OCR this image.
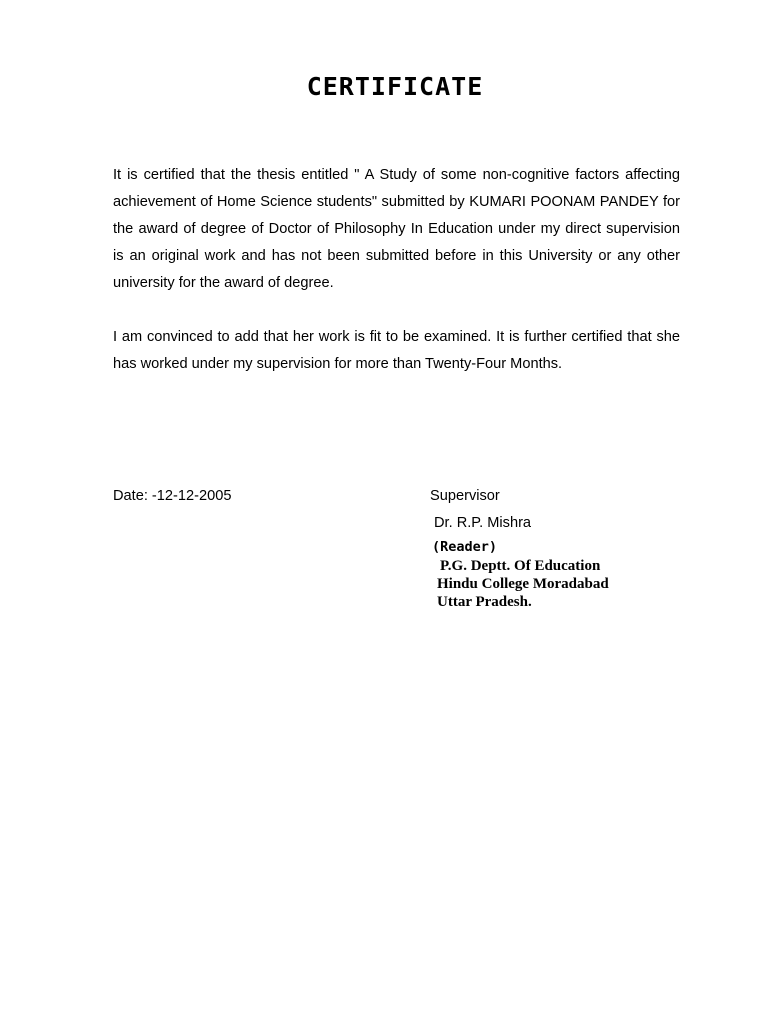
CERTIFICATE

It is certified that the thesis entitled " A Study of some non-cognitive factors affecting achievement of Home Science students" submitted by KUMARI POONAM PANDEY for the award of degree of Doctor of Philosophy In Education under my direct supervision is an original work and has not been submitted before in this University or any other university for the award of degree.

I am convinced to add that her work is fit to be examined. It is further certified that she has worked under my supervision for more than Twenty-Four Months.

Date: -12-12-2005	Supervisor
Dr. R.P. Mishra
(Reader)
P.G. Deptt. Of Education
Hindu College Moradabad
Uttar Pradesh.
